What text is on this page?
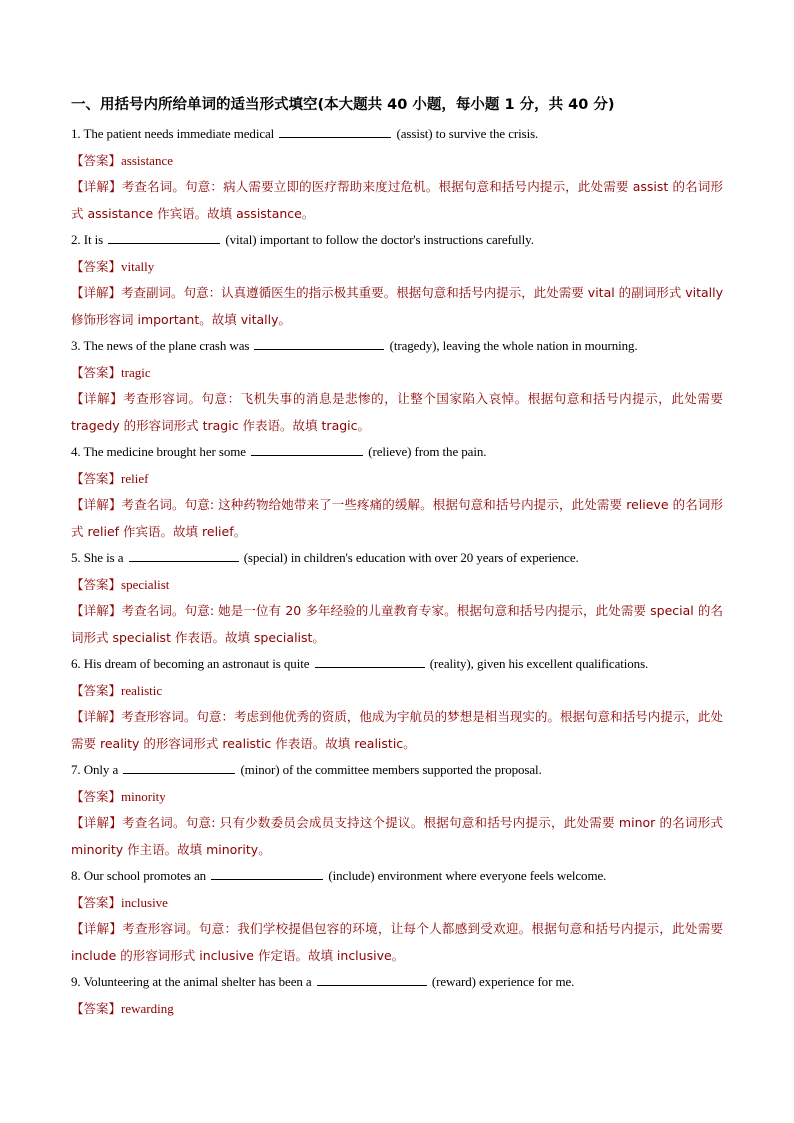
一、用括号内所给单词的适当形式填空(本大题共 40 小题，每小题 1 分，共 40 分)
1. The patient needs immediate medical	(assist) to survive the crisis.
【答案】assistance
【详解】考查名词。句意：病人需要立即的医疗帮助来度过危机。根据句意和括号内提示，此处需要 assist 的名词形式 assistance 作宾语。故填 assistance。
2. It is	(vital) important to follow the doctor's instructions carefully.
【答案】vitally
【详解】考查副词。句意：认真遵循医生的指示极其重要。根据句意和括号内提示，此处需要 vital 的副词形式 vitally 修饰形容词 important。故填 vitally。
3. The news of the plane crash was	(tragedy), leaving the whole nation in mourning.
【答案】tragic
【详解】考查形容词。句意：飞机失事的消息是悲惨的，让整个国家陷入哀悼。根据句意和括号内提示，此处需要 tragedy 的形容词形式 tragic 作表语。故填 tragic。
4. The medicine brought her some	(relieve) from the pain.
【答案】relief
【详解】考查名词。句意: 这种药物给她带来了一些疼痛的缓解。根据句意和括号内提示，此处需要 relieve 的名词形式 relief 作宾语。故填 relief。
5. She is a	(special) in children's education with over 20 years of experience.
【答案】specialist
【详解】考查名词。句意: 她是一位有 20 多年经验的儿童教育专家。根据句意和括号内提示，此处需要 special 的名词形式 specialist 作表语。故填 specialist。
6. His dream of becoming an astronaut is quite	(reality), given his excellent qualifications.
【答案】realistic
【详解】考查形容词。句意：考虑到他优秀的资质，他成为宇航员的梦想是相当现实的。根据句意和括号内提示，此处需要 reality 的形容词形式 realistic 作表语。故填 realistic。
7. Only a	(minor) of the committee members supported the proposal.
【答案】minority
【详解】考查名词。句意: 只有少数委员会成员支持这个提议。根据句意和括号内提示，此处需要 minor 的名词形式 minority 作主语。故填 minority。
8. Our school promotes an	(include) environment where everyone feels welcome.
【答案】inclusive
【详解】考查形容词。句意：我们学校提倡包容的环境，让每个人都感到受欢迎。根据句意和括号内提示，此处需要 include 的形容词形式 inclusive 作定语。故填 inclusive。
9. Volunteering at the animal shelter has been a	(reward) experience for me.
【答案】rewarding
